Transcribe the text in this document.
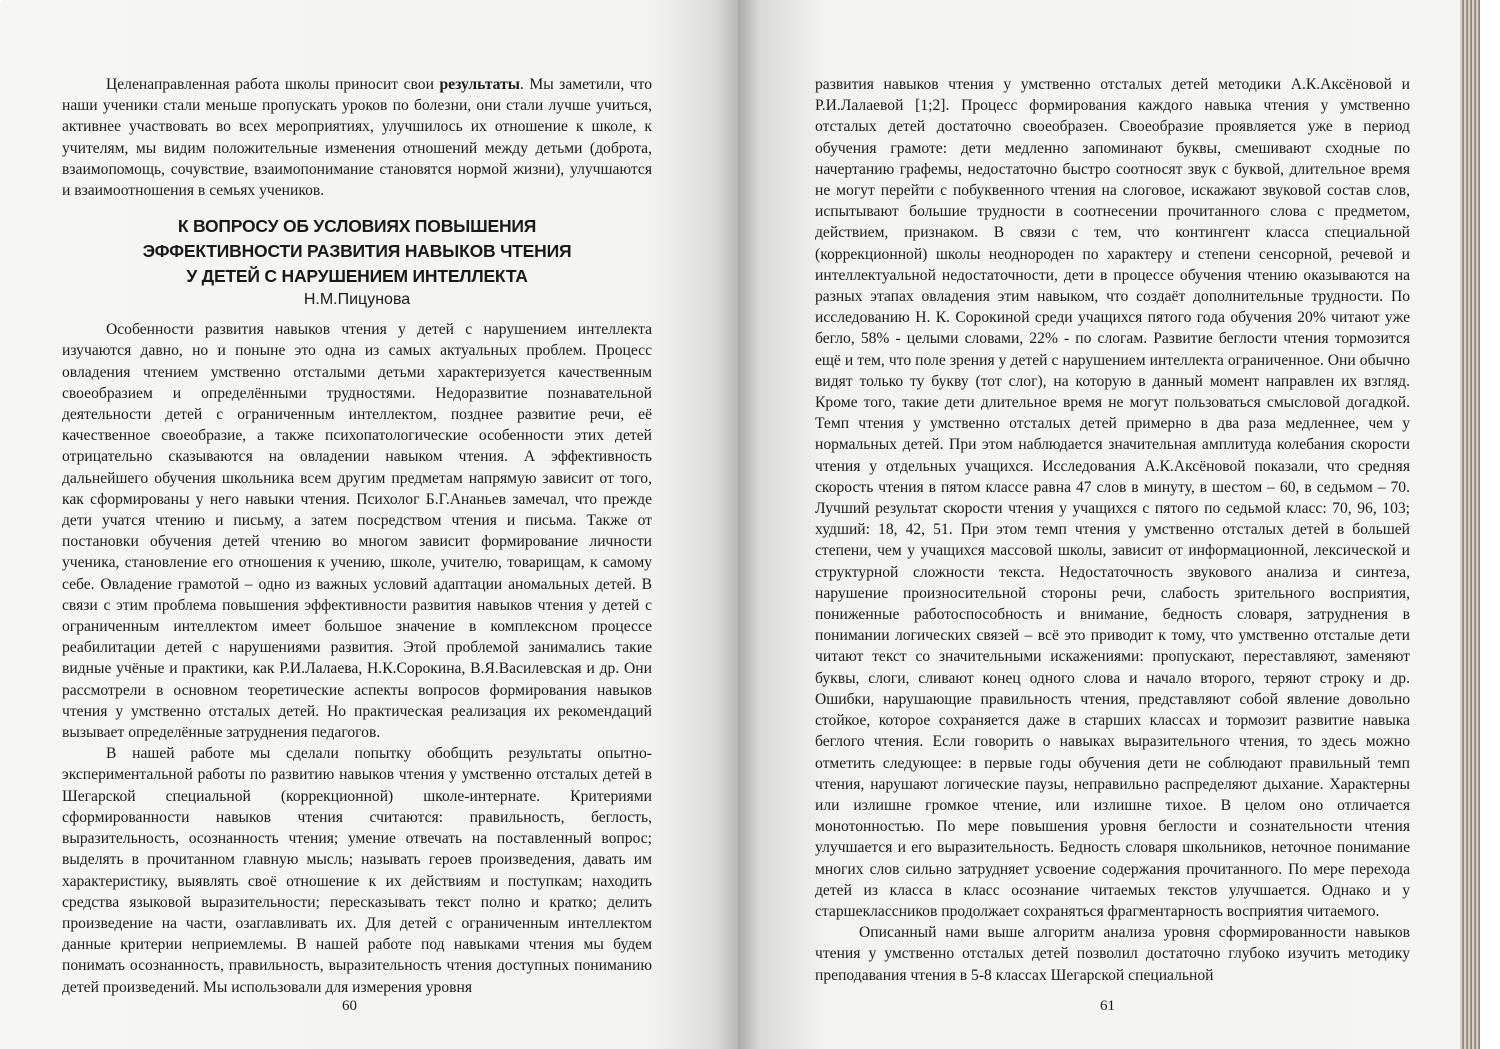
Целенаправленная работа школы приносит свои результаты. Мы заметили, что наши ученики стали меньше пропускать уроков по болезни, они стали лучше учиться, активнее участвовать во всех мероприятиях, улучшилось их отношение к школе, к учителям, мы видим положительные изменения отношений между детьми (доброта, взаимопомощь, сочувствие, взаимопонимание становятся нормой жизни), улучшаются и взаимоотношения в семьях учеников.

К ВОПРОСУ ОБ УСЛОВИЯХ ПОВЫШЕНИЯ
ЭФФЕКТИВНОСТИ РАЗВИТИЯ НАВЫКОВ ЧТЕНИЯ
У ДЕТЕЙ С НАРУШЕНИЕМ ИНТЕЛЛЕКТА
Н.М.Пицунова

Особенности развития навыков чтения у детей с нарушением интеллекта изучаются давно, но и поныне это одна из самых актуальных проблем. Процесс овладения чтением умственно отсталыми детьми характеризуется качественным своеобразием и определёнными трудностями. Недоразвитие познавательной деятельности детей с ограниченным интеллектом, позднее развитие речи, её качественное своеобразие, а также психопатологические особенности этих детей отрицательно сказываются на овладении навыком чтения. А эффективность дальнейшего обучения школьника всем другим предметам напрямую зависит от того, как сформированы у него навыки чтения. Психолог Б.Г.Ананьев замечал, что прежде дети учатся чтению и письму, а затем посредством чтения и письма. Также от постановки обучения детей чтению во многом зависит формирование личности ученика, становление его отношения к учению, школе, учителю, товарищам, к самому себе. Овладение грамотой – одно из важных условий адаптации аномальных детей. В связи с этим проблема повышения эффективности развития навыков чтения у детей с ограниченным интеллектом имеет большое значение в комплексном процессе реабилитации детей с нарушениями развития. Этой проблемой занимались такие видные учёные и практики, как Р.И.Лалаева, Н.К.Сорокина, В.Я.Василевская и др. Они рассмотрели в основном теоретические аспекты вопросов формирования навыков чтения у умственно отсталых детей. Но практическая реализация их рекомендаций вызывает определённые затруднения педагогов.

В нашей работе мы сделали попытку обобщить результаты опытно-экспериментальной работы по развитию навыков чтения у умственно отсталых детей в Шегарской специальной (коррекционной) школе-интернате. Критериями сформированности навыков чтения считаются: правильность, беглость, выразительность, осознанность чтения; умение отвечать на поставленный вопрос; выделять в прочитанном главную мысль; называть героев произведения, давать им характеристику, выявлять своё отношение к их действиям и поступкам; находить средства языковой выразительности; пересказывать текст полно и кратко; делить произведение на части, озаглавливать их. Для детей с ограниченным интеллектом данные критерии неприемлемы. В нашей работе под навыками чтения мы будем понимать осознанность, правильность, выразительность чтения доступных пониманию детей произведений. Мы использовали для измерения уровня

60

развития навыков чтения у умственно отсталых детей методики А.К.Аксёновой и Р.И.Лалаевой [1;2]. Процесс формирования каждого навыка чтения у умственно отсталых детей достаточно своеобразен. Своеобразие проявляется уже в период обучения грамоте: дети медленно запоминают буквы, смешивают сходные по начертанию графемы, недостаточно быстро соотносят звук с буквой, длительное время не могут перейти с побуквенного чтения на слоговое, искажают звуковой состав слов, испытывают большие трудности в соотнесении прочитанного слова с предметом, действием, признаком. В связи с тем, что контингент класса специальной (коррекционной) школы неоднороден по характеру и степени сенсорной, речевой и интеллектуальной недостаточности, дети в процессе обучения чтению оказываются на разных этапах овладения этим навыком, что создаёт дополнительные трудности. По исследованию Н. К. Сорокиной среди учащихся пятого года обучения 20% читают уже бегло, 58% - целыми словами, 22% - по слогам. Развитие беглости чтения тормозится ещё и тем, что поле зрения у детей с нарушением интеллекта ограниченное. Они обычно видят только ту букву (тот слог), на которую в данный момент направлен их взгляд. Кроме того, такие дети длительное время не могут пользоваться смысловой догадкой. Темп чтения у умственно отсталых детей примерно в два раза медленнее, чем у нормальных детей. При этом наблюдается значительная амплитуда колебания скорости чтения у отдельных учащихся. Исследования А.К.Аксёновой показали, что средняя скорость чтения в пятом классе равна 47 слов в минуту, в шестом – 60, в седьмом – 70. Лучший результат скорости чтения у учащихся с пятого по седьмой класс: 70, 96, 103; худший: 18, 42, 51. При этом темп чтения у умственно отсталых детей в большей степени, чем у учащихся массовой школы, зависит от информационной, лексической и структурной сложности текста. Недостаточность звукового анализа и синтеза, нарушение произносительной стороны речи, слабость зрительного восприятия, пониженные работоспособность и внимание, бедность словаря, затруднения в понимании логических связей – всё это приводит к тому, что умственно отсталые дети читают текст со значительными искажениями: пропускают, переставляют, заменяют буквы, слоги, сливают конец одного слова и начало второго, теряют строку и др. Ошибки, нарушающие правильность чтения, представляют собой явление довольно стойкое, которое сохраняется даже в старших классах и тормозит развитие навыка беглого чтения. Если говорить о навыках выразительного чтения, то здесь можно отметить следующее: в первые годы обучения дети не соблюдают правильный темп чтения, нарушают логические паузы, неправильно распределяют дыхание. Характерны или излишне громкое чтение, или излишне тихое. В целом оно отличается монотонностью. По мере повышения уровня беглости и сознательности чтения улучшается и его выразительность. Бедность словаря школьников, неточное понимание многих слов сильно затрудняет усвоение содержания прочитанного. По мере перехода детей из класса в класс осознание читаемых текстов улучшается. Однако и у старшеклассников продолжает сохраняться фрагментарность восприятия читаемого.

Описанный нами выше алгоритм анализа уровня сформированности навыков чтения у умственно отсталых детей позволил достаточно глубоко изучить методику преподавания чтения в 5-8 классах Шегарской специальной

61
